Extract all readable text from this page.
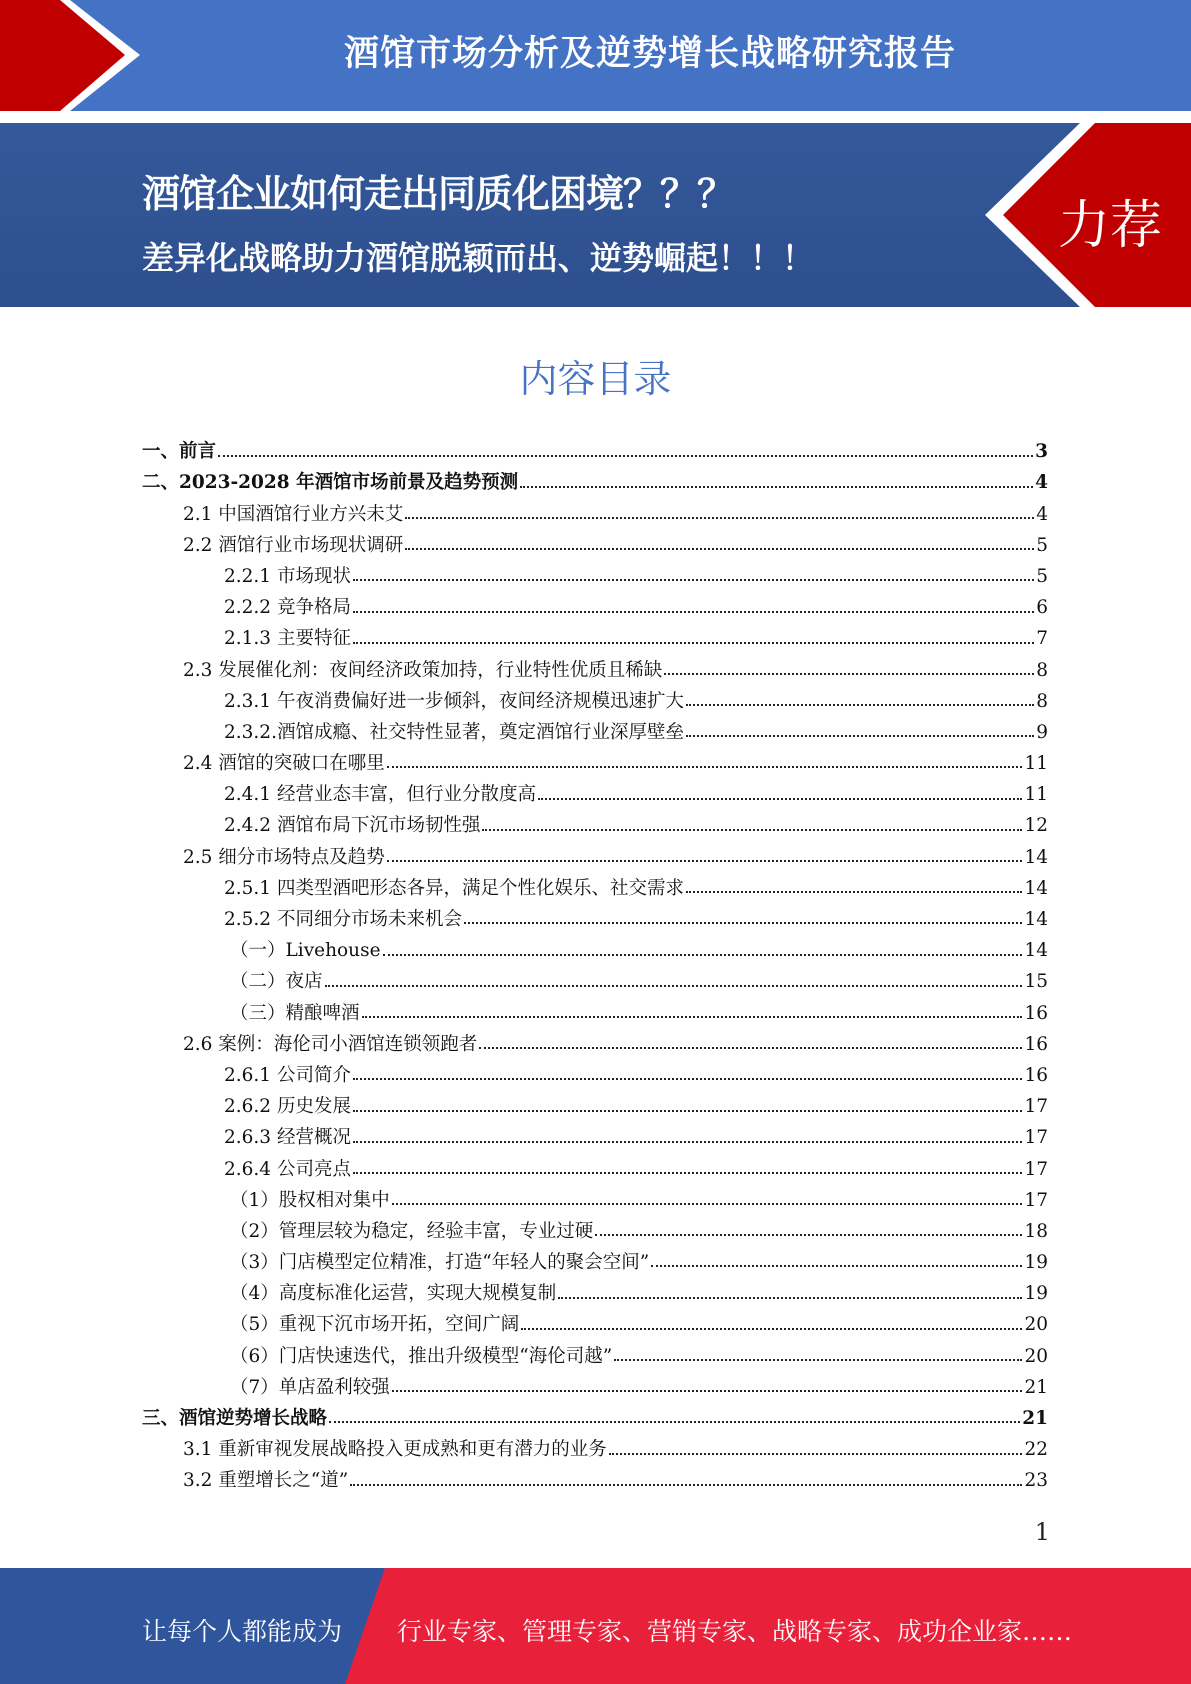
酒馆市场分析及逆势增长战略研究报告
酒馆企业如何走出同质化困境？？？
差异化战略助力酒馆脱颖而出、逆势崛起！！！
力荐
内容目录
一、前言	3
二、2023-2028 年酒馆市场前景及趋势预测	4
2.1 中国酒馆行业方兴未艾	4
2.2 酒馆行业市场现状调研	5
2.2.1 市场现状	5
2.2.2 竞争格局	6
2.1.3 主要特征	7
2.3 发展催化剂：夜间经济政策加持，行业特性优质且稀缺	8
2.3.1 午夜消费偏好进一步倾斜，夜间经济规模迅速扩大	8
2.3.2.酒馆成瘾、社交特性显著，奠定酒馆行业深厚壁垒	9
2.4 酒馆的突破口在哪里	11
2.4.1 经营业态丰富，但行业分散度高	11
2.4.2 酒馆布局下沉市场韧性强	12
2.5 细分市场特点及趋势	14
2.5.1 四类型酒吧形态各异，满足个性化娱乐、社交需求	14
2.5.2 不同细分市场未来机会	14
（一）Livehouse	14
（二）夜店	15
（三）精酿啤酒	16
2.6 案例：海伦司小酒馆连锁领跑者	16
2.6.1 公司简介	16
2.6.2 历史发展	17
2.6.3 经营概况	17
2.6.4 公司亮点	17
（1）股权相对集中	17
（2）管理层较为稳定，经验丰富，专业过硬	18
（3）门店模型定位精准，打造“年轻人的聚会空间”	19
（4）高度标准化运营，实现大规模复制	19
（5）重视下沉市场开拓，空间广阔	20
（6）门店快速迭代，推出升级模型“海伦司越”	20
（7）单店盈利较强	21
三、酒馆逆势增长战略	21
3.1 重新审视发展战略投入更成熟和更有潜力的业务	22
3.2 重塑增长之“道”	23
1
让每个人都能成为 行业专家、管理专家、营销专家、战略专家、成功企业家……
